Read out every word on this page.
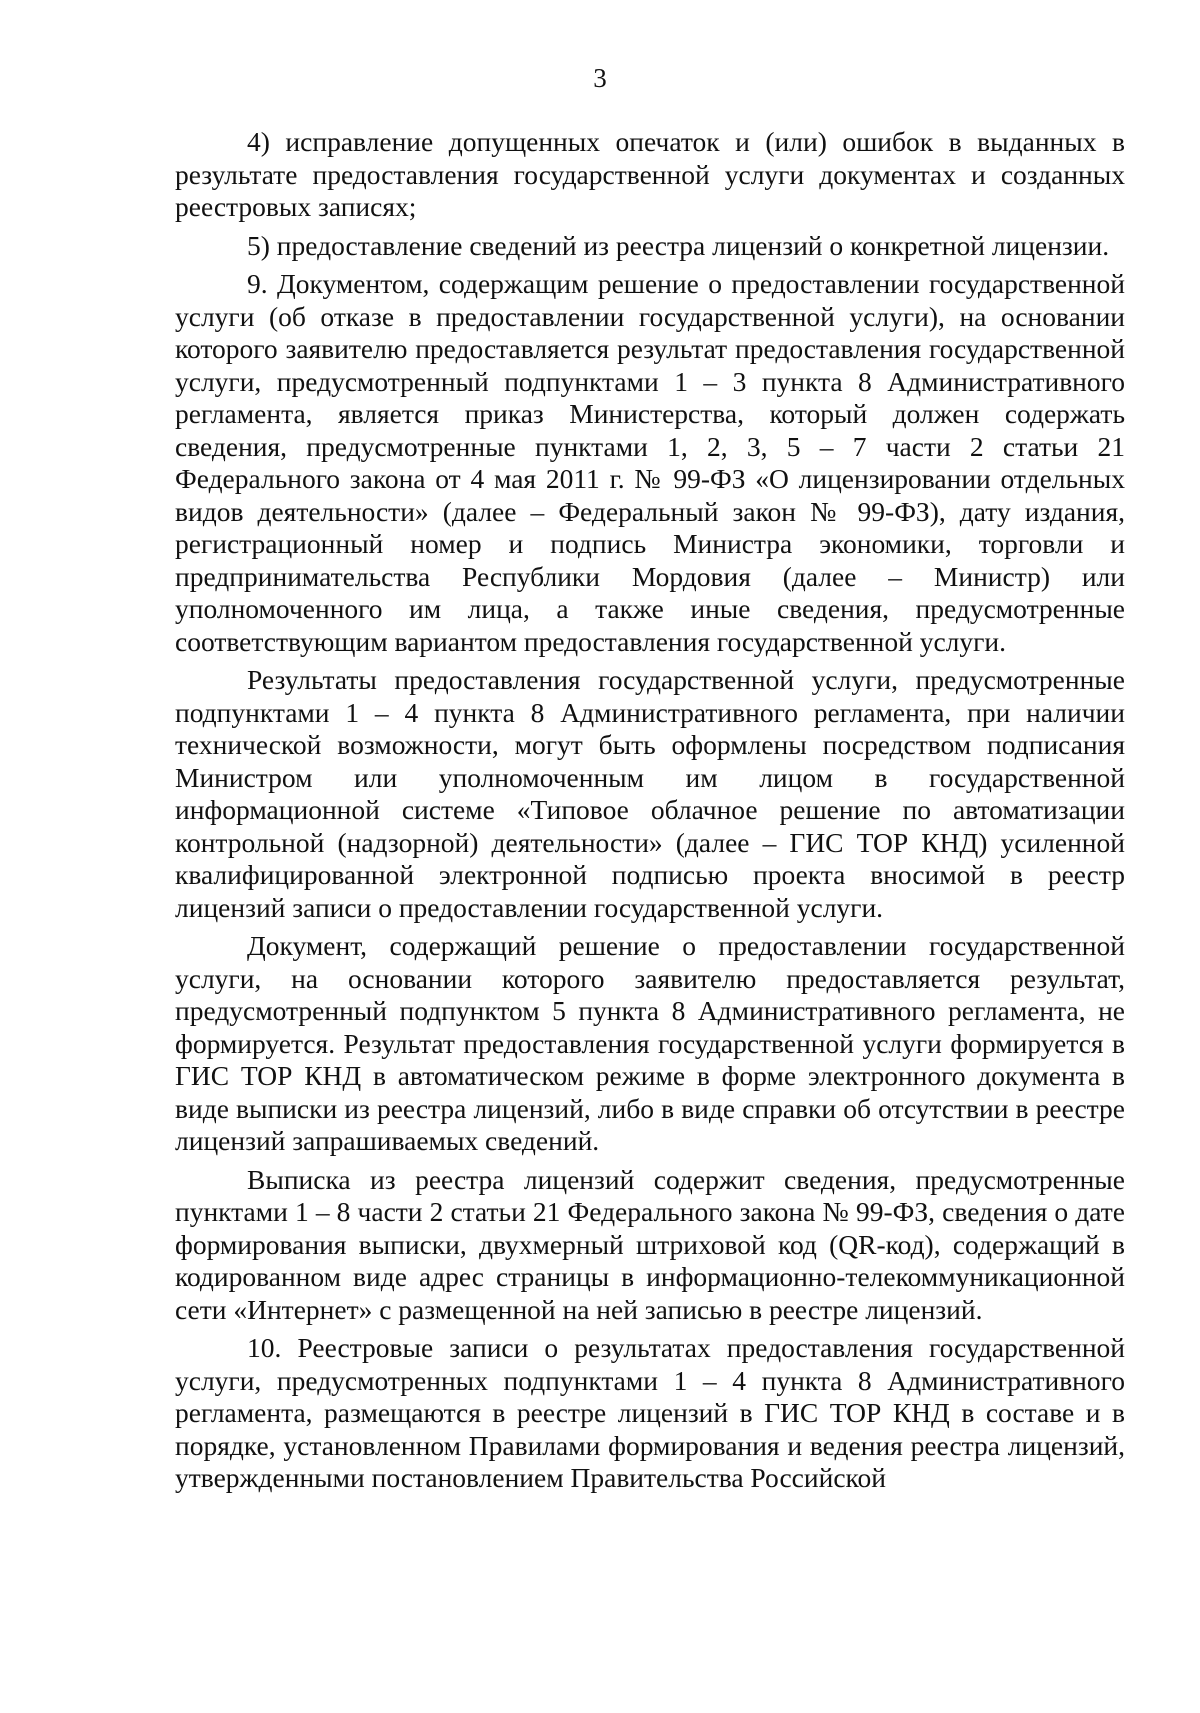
3

4) исправление допущенных опечаток и (или) ошибок в выданных в результате предоставления государственной услуги документах и созданных реестровых записях;

5) предоставление сведений из реестра лицензий о конкретной лицензии.

9. Документом, содержащим решение о предоставлении государственной услуги (об отказе в предоставлении государственной услуги), на основании которого заявителю предоставляется результат предоставления государственной услуги, предусмотренный подпунктами 1 – 3 пункта 8 Административного регламента, является приказ Министерства, который должен содержать сведения, предусмотренные пунктами 1, 2, 3, 5 – 7 части 2 статьи 21 Федерального закона от 4 мая 2011 г. № 99-ФЗ «О лицензировании отдельных видов деятельности» (далее – Федеральный закон № 99-ФЗ), дату издания, регистрационный номер и подпись Министра экономики, торговли и предпринимательства Республики Мордовия (далее – Министр) или уполномоченного им лица, а также иные сведения, предусмотренные соответствующим вариантом предоставления государственной услуги.

Результаты предоставления государственной услуги, предусмотренные подпунктами 1 – 4 пункта 8 Административного регламента, при наличии технической возможности, могут быть оформлены посредством подписания Министром или уполномоченным им лицом в государственной информационной системе «Типовое облачное решение по автоматизации контрольной (надзорной) деятельности» (далее – ГИС ТОР КНД) усиленной квалифицированной электронной подписью проекта вносимой в реестр лицензий записи о предоставлении государственной услуги.

Документ, содержащий решение о предоставлении государственной услуги, на основании которого заявителю предоставляется результат, предусмотренный подпунктом 5 пункта 8 Административного регламента, не формируется. Результат предоставления государственной услуги формируется в ГИС ТОР КНД в автоматическом режиме в форме электронного документа в виде выписки из реестра лицензий, либо в виде справки об отсутствии в реестре лицензий запрашиваемых сведений.

Выписка из реестра лицензий содержит сведения, предусмотренные пунктами 1 – 8 части 2 статьи 21 Федерального закона № 99-ФЗ, сведения о дате формирования выписки, двухмерный штриховой код (QR-код), содержащий в кодированном виде адрес страницы в информационно-телекоммуникационной сети «Интернет» с размещенной на ней записью в реестре лицензий.

10. Реестровые записи о результатах предоставления государственной услуги, предусмотренных подпунктами 1 – 4 пункта 8 Административного регламента, размещаются в реестре лицензий в ГИС ТОР КНД в составе и в порядке, установленном Правилами формирования и ведения реестра лицензий, утвержденными постановлением Правительства Российской
